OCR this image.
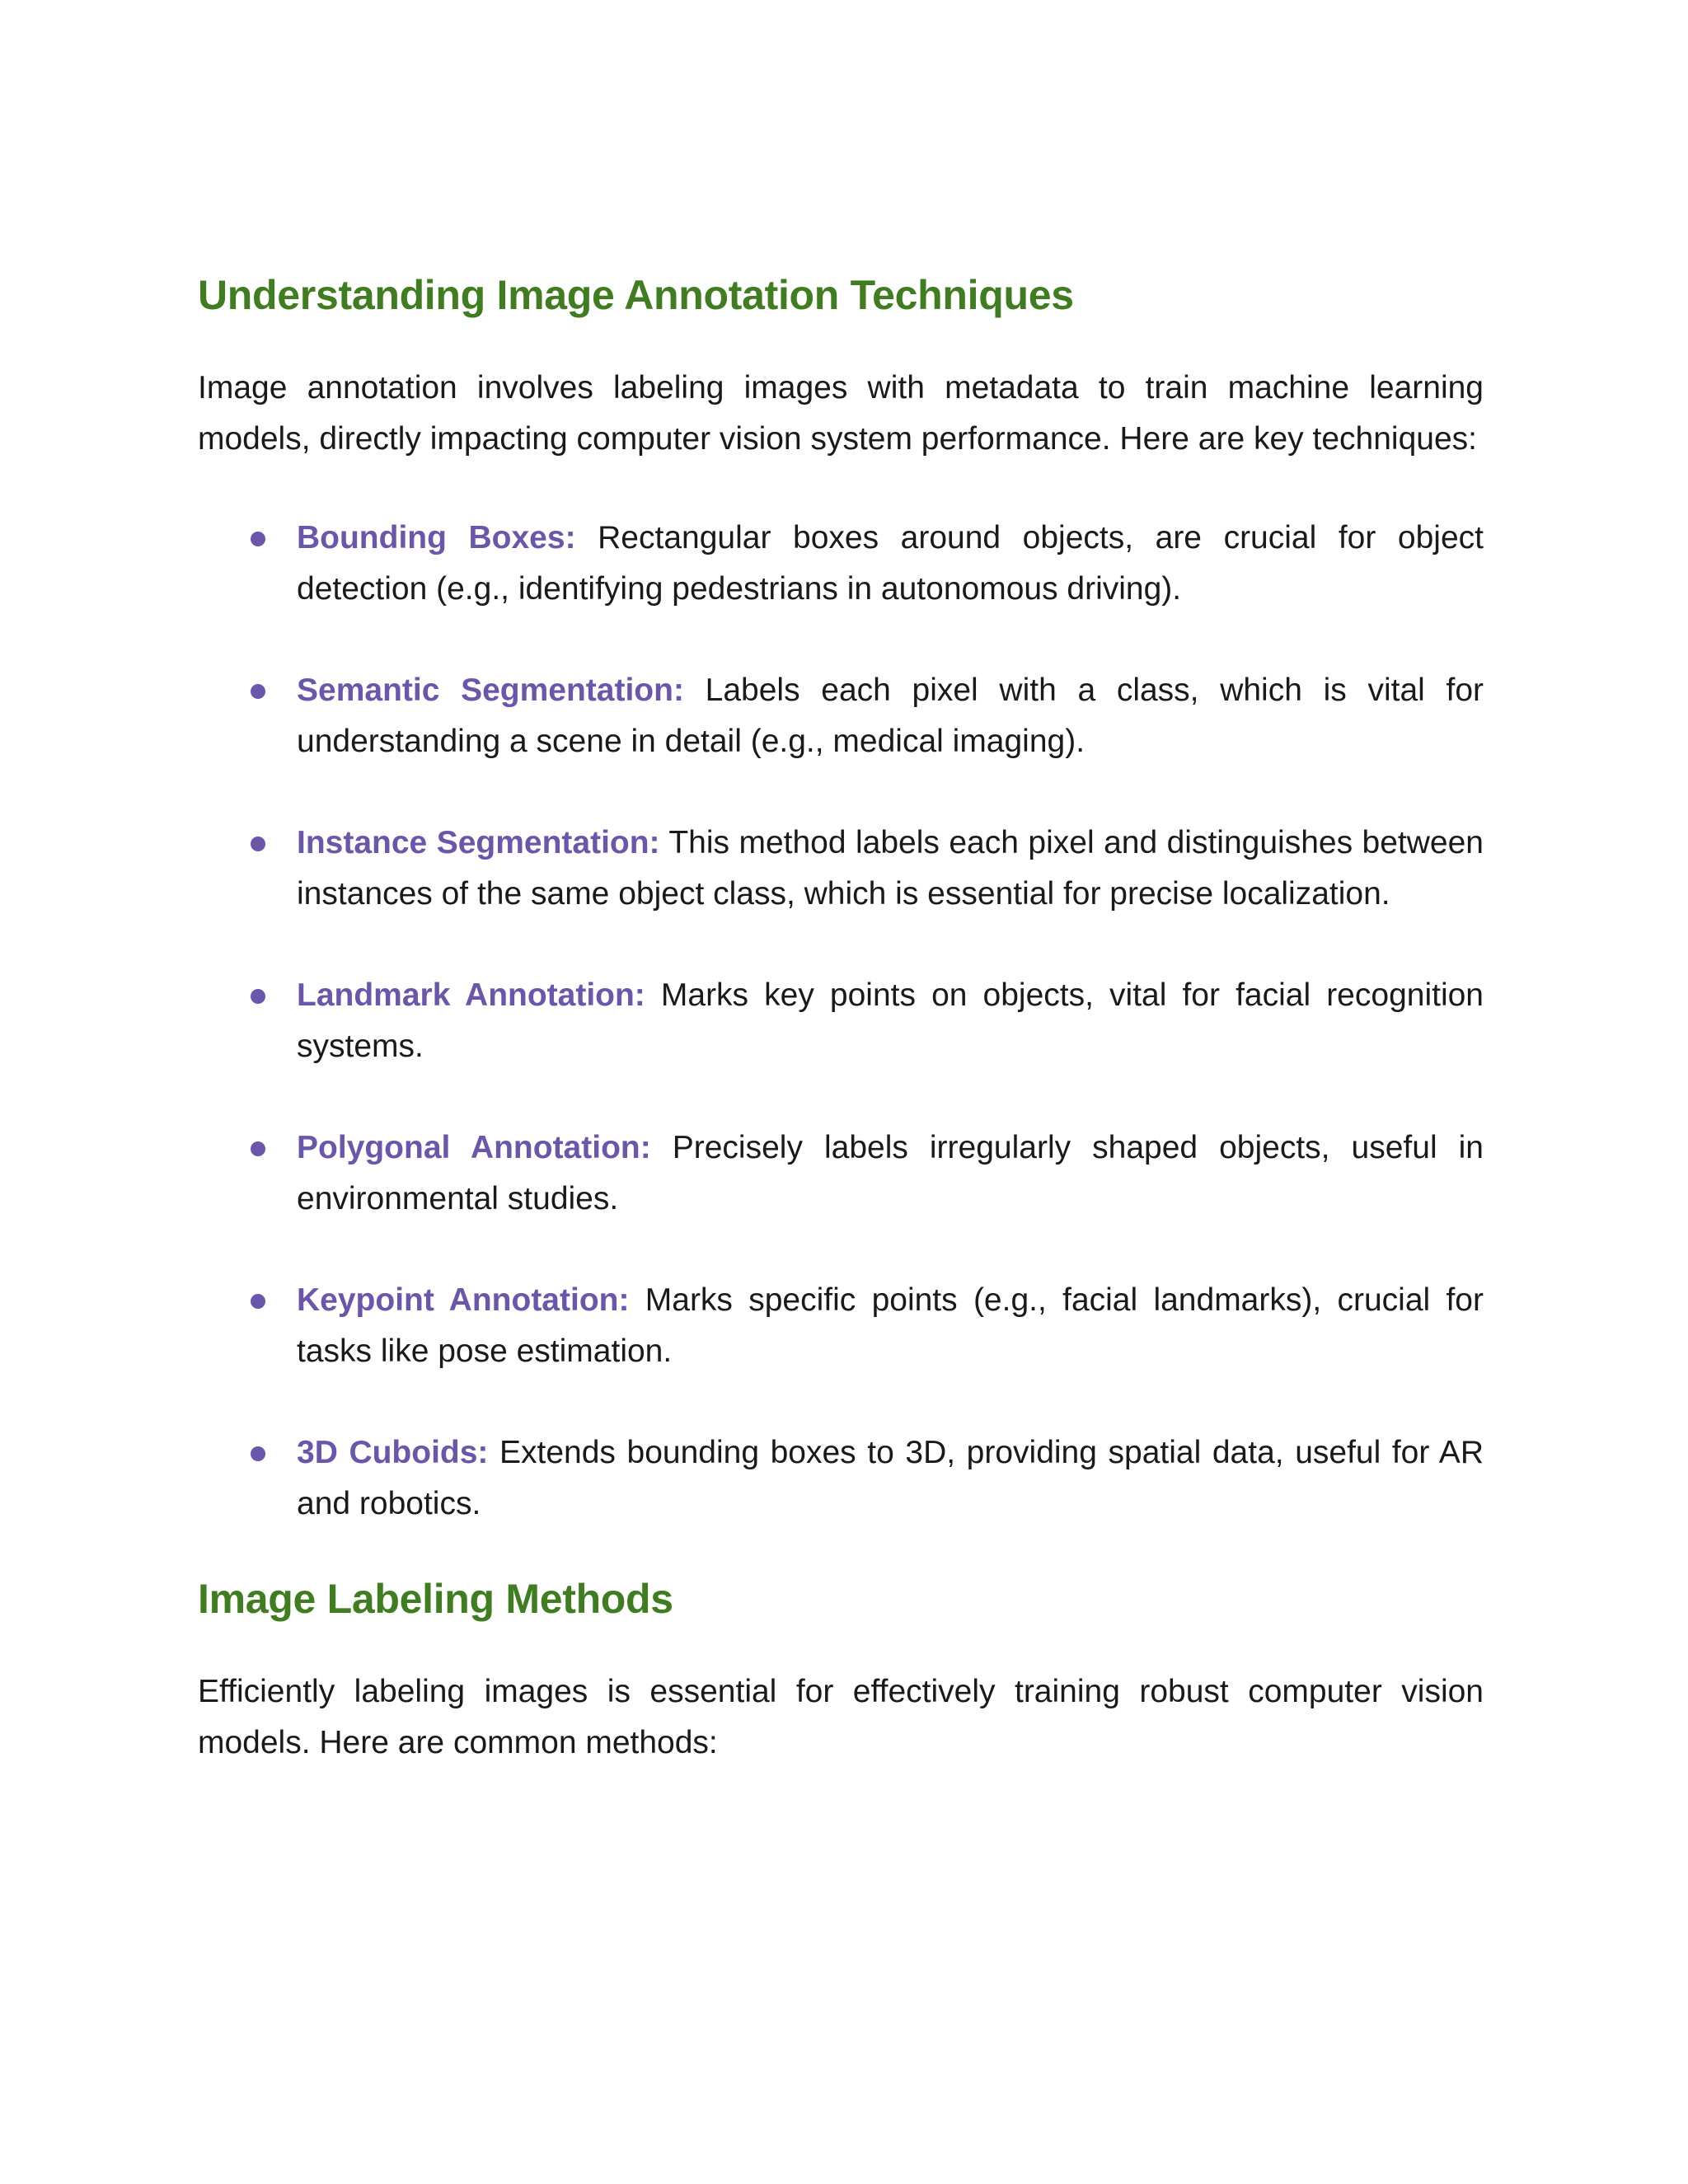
Understanding Image Annotation Techniques

Image annotation involves labeling images with metadata to train machine learning models, directly impacting computer vision system performance. Here are key techniques:

Bounding Boxes: Rectangular boxes around objects, are crucial for object detection (e.g., identifying pedestrians in autonomous driving).
Semantic Segmentation: Labels each pixel with a class, which is vital for understanding a scene in detail (e.g., medical imaging).
Instance Segmentation: This method labels each pixel and distinguishes between instances of the same object class, which is essential for precise localization.
Landmark Annotation: Marks key points on objects, vital for facial recognition systems.
Polygonal Annotation: Precisely labels irregularly shaped objects, useful in environmental studies.
Keypoint Annotation: Marks specific points (e.g., facial landmarks), crucial for tasks like pose estimation.
3D Cuboids: Extends bounding boxes to 3D, providing spatial data, useful for AR and robotics.
Image Labeling Methods

Efficiently labeling images is essential for effectively training robust computer vision models. Here are common methods:
